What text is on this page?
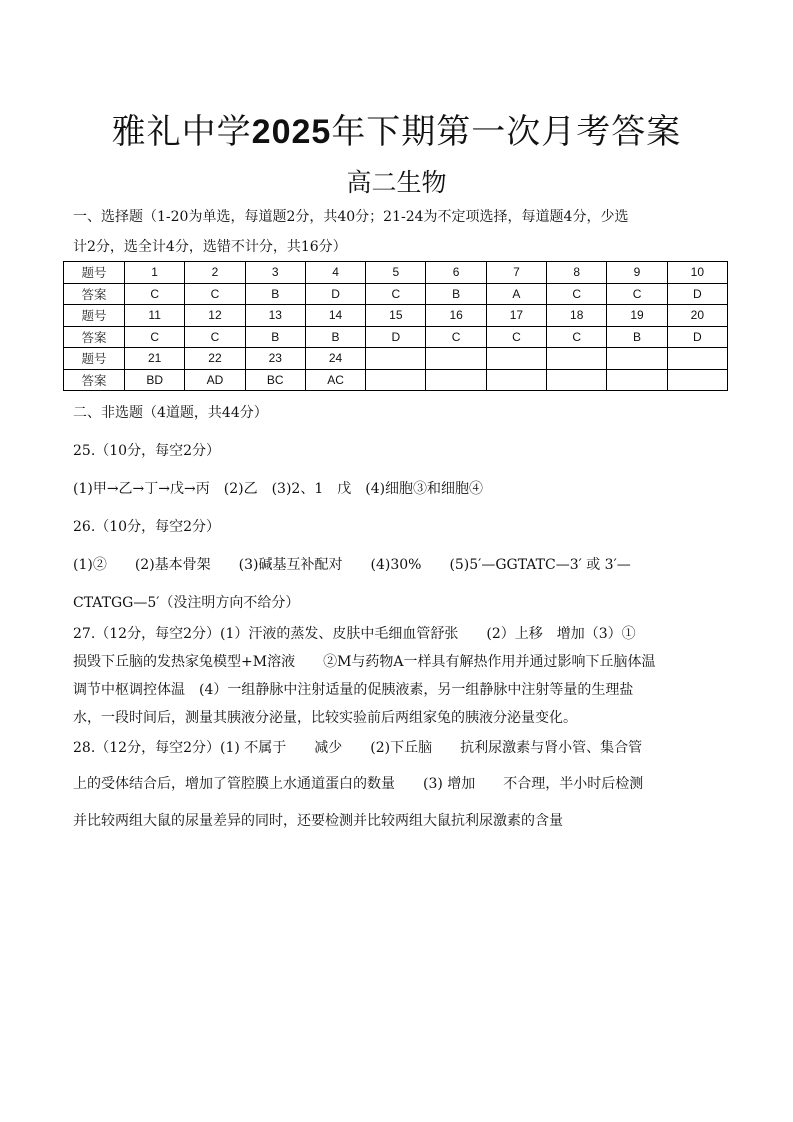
雅礼中学2025年下期第一次月考答案
高二生物
一、选择题（1-20为单选，每道题2分，共40分；21-24为不定项选择，每道题4分，少选
计2分，选全计4分，选错不计分，共16分）
题号	1	2	3	4	5	6	7	8	9	10
答案	C	C	B	D	C	B	A	C	C	D
题号	11	12	13	14	15	16	17	18	19	20
答案	C	C	B	B	D	C	C	C	B	D
题号	21	22	23	24						
答案	BD	AD	BC	AC						
二、非选题（4道题，共44分）
25.（10分，每空2分）
(1)甲→乙→丁→戊→丙　(2)乙　(3)2、1　戊　(4)细胞③和细胞④
26.（10分，每空2分）
(1)②　　(2)基本骨架　　(3)碱基互补配对　　(4)30%　　(5)5′—GGTATC—3′ 或 3′—
CTATGG—5′（没注明方向不给分）
27.（12分，每空2分）(1）汗液的蒸发、皮肤中毛细血管舒张　　(2）上移　增加（3）①
损毁下丘脑的发热家兔模型+M溶液　　②M与药物A一样具有解热作用并通过影响下丘脑体温
调节中枢调控体温　(4）一组静脉中注射适量的促胰液素，另一组静脉中注射等量的生理盐
水，一段时间后，测量其胰液分泌量，比较实验前后两组家兔的胰液分泌量变化。
28.（12分，每空2分）(1) 不属于　　减少　　(2)下丘脑　　抗利尿激素与肾小管、集合管
上的受体结合后，增加了管腔膜上水通道蛋白的数量　　(3) 增加　　不合理，半小时后检测
并比较两组大鼠的尿量差异的同时，还要检测并比较两组大鼠抗利尿激素的含量
